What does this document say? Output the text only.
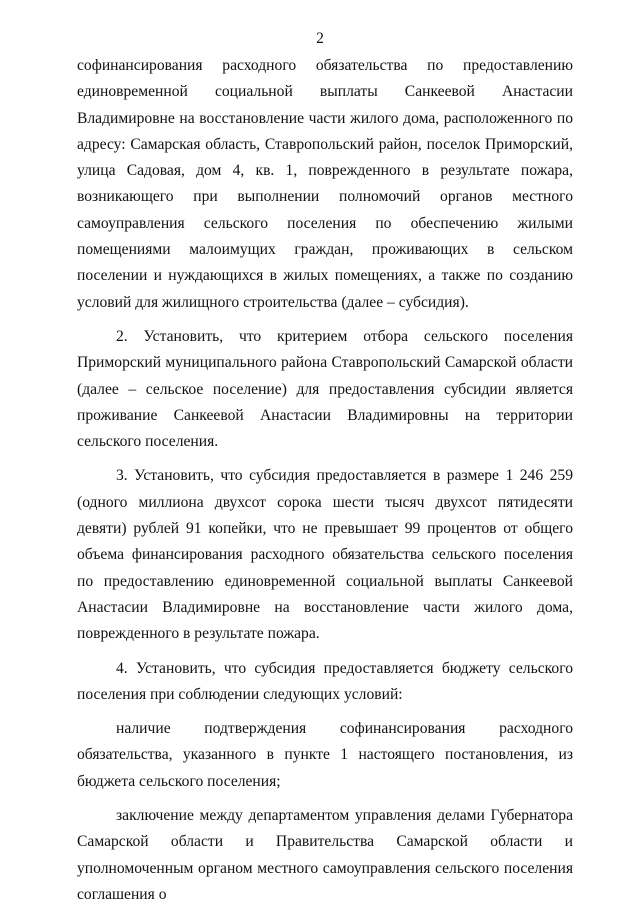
2

софинансирования расходного обязательства по предоставлению единовременной социальной выплаты Санкеевой Анастасии Владимировне на восстановление части жилого дома, расположенного по адресу: Самарская область, Ставропольский район, поселок Приморский, улица Садовая, дом 4, кв. 1, поврежденного в результате пожара, возникающего при выполнении полномочий органов местного самоуправления сельского поселения по обеспечению жилыми помещениями малоимущих граждан, проживающих в сельском поселении и нуждающихся в жилых помещениях, а также по созданию условий для жилищного строительства (далее – субсидия).

2. Установить, что критерием отбора сельского поселения Приморский муниципального района Ставропольский Самарской области (далее – сельское поселение) для предоставления субсидии является проживание Санкеевой Анастасии Владимировны на территории сельского поселения.

3. Установить, что субсидия предоставляется в размере 1 246 259 (одного миллиона двухсот сорока шести тысяч двухсот пятидесяти девяти) рублей 91 копейки, что не превышает 99 процентов от общего объема финансирования расходного обязательства сельского поселения по предоставлению единовременной социальной выплаты Санкеевой Анастасии Владимировне на восстановление части жилого дома, поврежденного в результате пожара.

4. Установить, что субсидия предоставляется бюджету сельского поселения при соблюдении следующих условий:

наличие подтверждения софинансирования расходного обязательства, указанного в пункте 1 настоящего постановления, из бюджета сельского поселения;

заключение между департаментом управления делами Губернатора Самарской области и Правительства Самарской области и уполномоченным органом местного самоуправления сельского поселения соглашения о
